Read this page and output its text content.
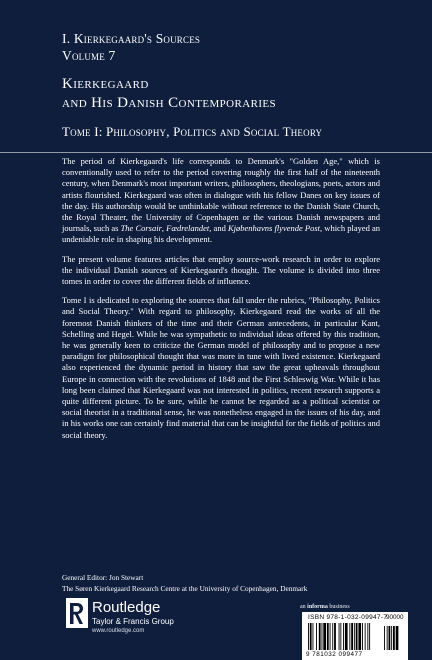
I. Kierkegaard's Sources
Volume 7
Kierkegaard
and His Danish Contemporaries
Tome I: Philosophy, Politics and Social Theory

The period of Kierkegaard's life corresponds to Denmark's "Golden Age," which is conventionally used to refer to the period covering roughly the first half of the nineteenth century, when Denmark's most important writers, philosophers, theologians, poets, actors and artists flourished. Kierkegaard was often in dialogue with his fellow Danes on key issues of the day. His authorship would be unthinkable without reference to the Danish State Church, the Royal Theater, the University of Copenhagen or the various Danish newspapers and journals, such as The Corsair, Fædrelandet, and Kjøbenhavns flyvende Post, which played an undeniable role in shaping his development.

The present volume features articles that employ source-work research in order to explore the individual Danish sources of Kierkegaard's thought. The volume is divided into three tomes in order to cover the different fields of influence.

Tome I is dedicated to exploring the sources that fall under the rubrics, "Philosophy, Politics and Social Theory." With regard to philosophy, Kierkegaard read the works of all the foremost Danish thinkers of the time and their German antecedents, in particular Kant, Schelling and Hegel. While he was sympathetic to individual ideas offered by this tradition, he was generally keen to criticize the German model of philosophy and to propose a new paradigm for philosophical thought that was more in tune with lived existence. Kierkegaard also experienced the dynamic period in history that saw the great upheavals throughout Europe in connection with the revolutions of 1848 and the First Schleswig War. While it has long been claimed that Kierkegaard was not interested in politics, recent research supports a quite different picture. To be sure, while he cannot be regarded as a political scientist or social theorist in a traditional sense, he was nonetheless engaged in the issues of his day, and in his works one can certainly find material that can be insightful for the fields of politics and social theory.

General Editor: Jon Stewart
The Søren Kierkegaard Research Centre at the University of Copenhagen, Denmark
an informa business
ISBN 978-1-032-09947-7
9 781032 099477
90000
Routledge
Taylor & Francis Group
www.routledge.com
